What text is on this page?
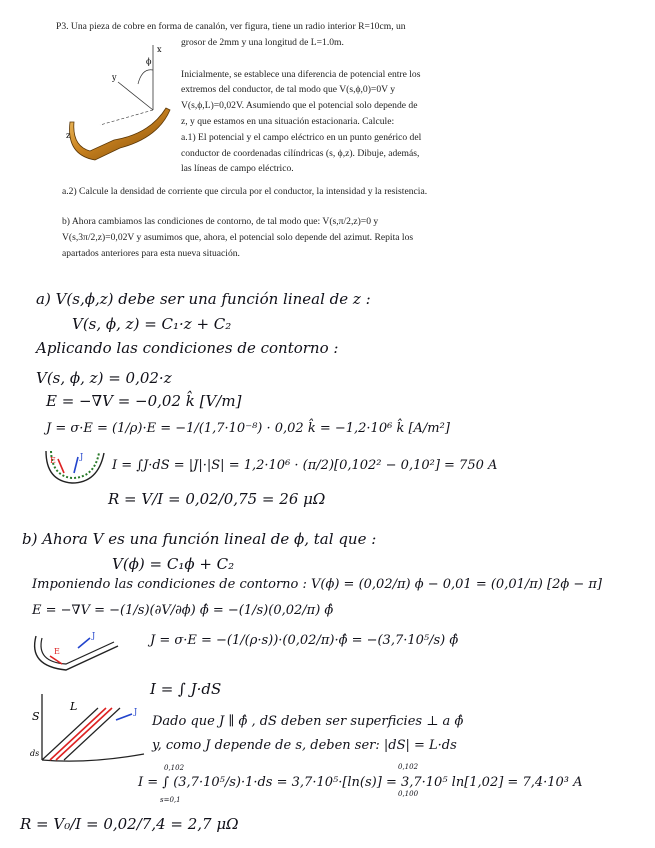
P3. Una pieza de cobre en forma de canalón, ver figura, tiene un radio interior R=10cm, un
grosor de 2mm y una longitud de L=1.0m.
Inicialmente, se establece una diferencia de potencial entre los
extremos del conductor, de tal modo que V(s,ϕ,0)=0V y
V(s,ϕ,L)=0,02V. Asumiendo que el potencial solo depende de
z, y que estamos en una situación estacionaria. Calcule:
a.1) El potencial y el campo eléctrico en un punto genérico del
conductor de coordenadas cilíndricas (s, ϕ,z). Dibuje, además,
las líneas de campo eléctrico.
a.2) Calcule la densidad de corriente que circula por el conductor, la intensidad y la resistencia.
b) Ahora cambiamos las condiciones de contorno, de tal modo que: V(s,π/2,z)=0 y
V(s,3π/2,z)=0,02V y asumimos que, ahora, el potencial solo depende del azimut. Repita los
apartados anteriores para esta nueva situación.
x
y
z
ϕ
a) V(s,ϕ,z) debe ser una función lineal de z :
V(s, ϕ, z) = C₁·z + C₂
Aplicando las condiciones de contorno :
V(s, ϕ, z) = 0,02·z
E = −∇V = −0,02 k̂ [V/m]
J = σ·E = (1/ρ)·E = −1/(1,7·10⁻⁸) · 0,02 k̂ = −1,2·10⁶ k̂ [A/m²]
I = ∫J·dS = |J|·|S| = 1,2·10⁶ · (π/2)[0,102² − 0,10²] = 750 A
R = V/I = 0,02/0,75 = 26 μΩ
E	J
b) Ahora V es una función lineal de ϕ, tal que :
V(ϕ) = C₁ϕ + C₂
Imponiendo las condiciones de contorno : V(ϕ) = (0,02/π) ϕ − 0,01 = (0,01/π) [2ϕ − π]
E = −∇V = −(1/s)(∂V/∂ϕ) ϕ̂ = −(1/s)(0,02/π) ϕ̂
J = σ·E = −(1/(ρ·s))·(0,02/π)·ϕ̂ = −(3,7·10⁵/s) ϕ̂
I = ∫ J·dS
Dado que J ∥ ϕ̂ , dS deben ser superficies ⊥ a ϕ̂
y, como J depende de s, deben ser: |dS| = L·ds
I = ∫ (3,7·10⁵/s)·1·ds = 3,7·10⁵·[ln(s)] = 3,7·10⁵ ln[1,02] = 7,4·10³ A
R = V₀/I = 0,02/7,4 = 2,7 μΩ
0,102
s=0,1
0,102
0,100
E
J
S
L
ds
J
